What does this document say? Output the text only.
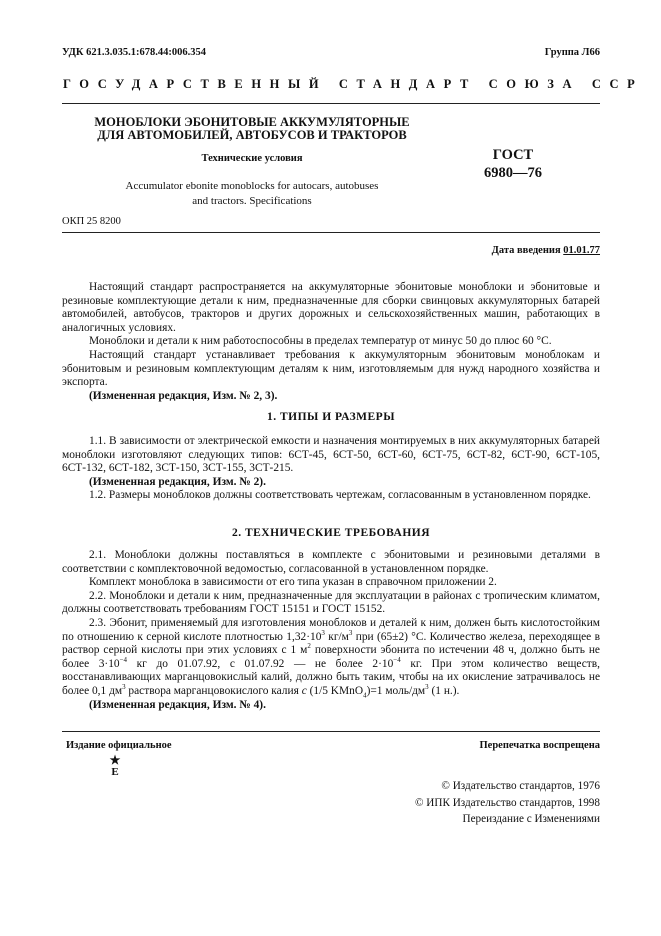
УДК 621.3.035.1:678.44:006.354	Группа Л66
ГОСУДАРСТВЕННЫЙ СТАНДАРТ СОЮЗА ССР
МОНОБЛОКИ ЭБОНИТОВЫЕ АККУМУЛЯТОРНЫЕ
ДЛЯ АВТОМОБИЛЕЙ, АВТОБУСОВ И ТРАКТОРОВ
Технические условия
Accumulator ebonite monoblocks for autocars, autobuses
and tractors. Specifications
ГОСТ
6980—76
ОКП 25 8200
Дата введения 01.01.77

Настоящий стандарт распространяется на аккумуляторные эбонитовые моноблоки и эбонитовые и резиновые комплектующие детали к ним, предназначенные для сборки свинцовых аккумуляторных батарей автомобилей, автобусов, тракторов и других дорожных и сельскохозяйственных машин, работающих в аналогичных условиях.

Моноблоки и детали к ним работоспособны в пределах температур от минус 50 до плюс 60 °С.

Настоящий стандарт устанавливает требования к аккумуляторным эбонитовым моноблокам и эбонитовым и резиновым комплектующим деталям к ним, изготовляемым для нужд народного хозяйства и экспорта.

(Измененная редакция, Изм. № 2, 3).

1. ТИПЫ И РАЗМЕРЫ

1.1. В зависимости от электрической емкости и назначения монтируемых в них аккумуляторных батарей моноблоки изготовляют следующих типов: 6СТ-45, 6СТ-50, 6СТ-60, 6СТ-75, 6СТ-82, 6СТ-90, 6СТ-105, 6СТ-132, 6СТ-182, 3СТ-150, 3СТ-155, 3СТ-215.

(Измененная редакция, Изм. № 2).

1.2. Размеры моноблоков должны соответствовать чертежам, согласованным в установленном порядке.

2. ТЕХНИЧЕСКИЕ ТРЕБОВАНИЯ

2.1. Моноблоки должны поставляться в комплекте с эбонитовыми и резиновыми деталями в соответствии с комплектовочной ведомостью, согласованной в установленном порядке.

Комплект моноблока в зависимости от его типа указан в справочном приложении 2.

2.2. Моноблоки и детали к ним, предназначенные для эксплуатации в районах с тропическим климатом, должны соответствовать требованиям ГОСТ 15151 и ГОСТ 15152.

2.3. Эбонит, применяемый для изготовления моноблоков и деталей к ним, должен быть кислотостойким по отношению к серной кислоте плотностью $1,32\cdot 10^3$ $кг/м^3$ при (65±2) °С. Количество железа, переходящее в раствор серной кислоты при этих условиях с 1 $м^2$ поверхности эбонита по истечении 48 ч, должно быть не более $3\cdot 10^{-4}$ кг до 01.07.92, с 01.07.92 — не более $2\cdot 10^{-4}$ кг. При этом количество веществ, восстанавливающих марганцовокислый калий, должно быть таким, чтобы на их окисление затрачивалось не более 0,1 $дм^3$ раствора марганцовокислого калия с (1/5 KMnO$_4$)=1 моль/$дм^3$ (1 н.).

(Измененная редакция, Изм. № 4).

Издание официальное	Перепечатка воспрещена
★
E
© Издательство стандартов, 1976
© ИПК Издательство стандартов, 1998
Переиздание с Изменениями
